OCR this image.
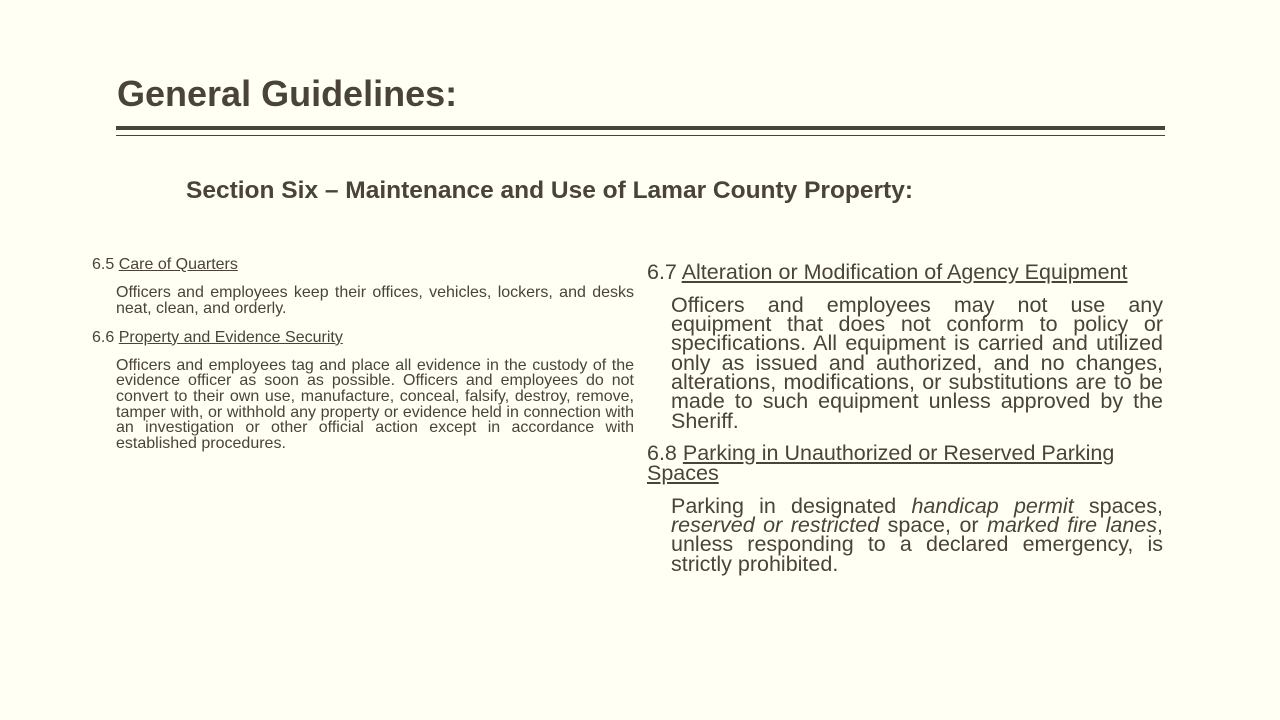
General Guidelines:
Section Six – Maintenance and Use of Lamar County Property:

6.5 Care of Quarters

Officers and employees keep their offices, vehicles, lockers, and desks neat, clean, and orderly.

6.6 Property and Evidence Security

Officers and employees tag and place all evidence in the custody of the evidence officer as soon as possible. Officers and employees do not convert to their own use, manufacture, conceal, falsify, destroy, remove, tamper with, or withhold any property or evidence held in connection with an investigation or other official action except in accordance with established procedures.

6.7 Alteration or Modification of Agency Equipment

Officers and employees may not use any equipment that does not conform to policy or specifications. All equipment is carried and utilized only as issued and authorized, and no changes, alterations, modifications, or substitutions are to be made to such equipment unless approved by the Sheriff.

6.8 Parking in Unauthorized or Reserved Parking Spaces

Parking in designated handicap permit spaces, reserved or restricted space, or marked fire lanes, unless responding to a declared emergency, is strictly prohibited.
